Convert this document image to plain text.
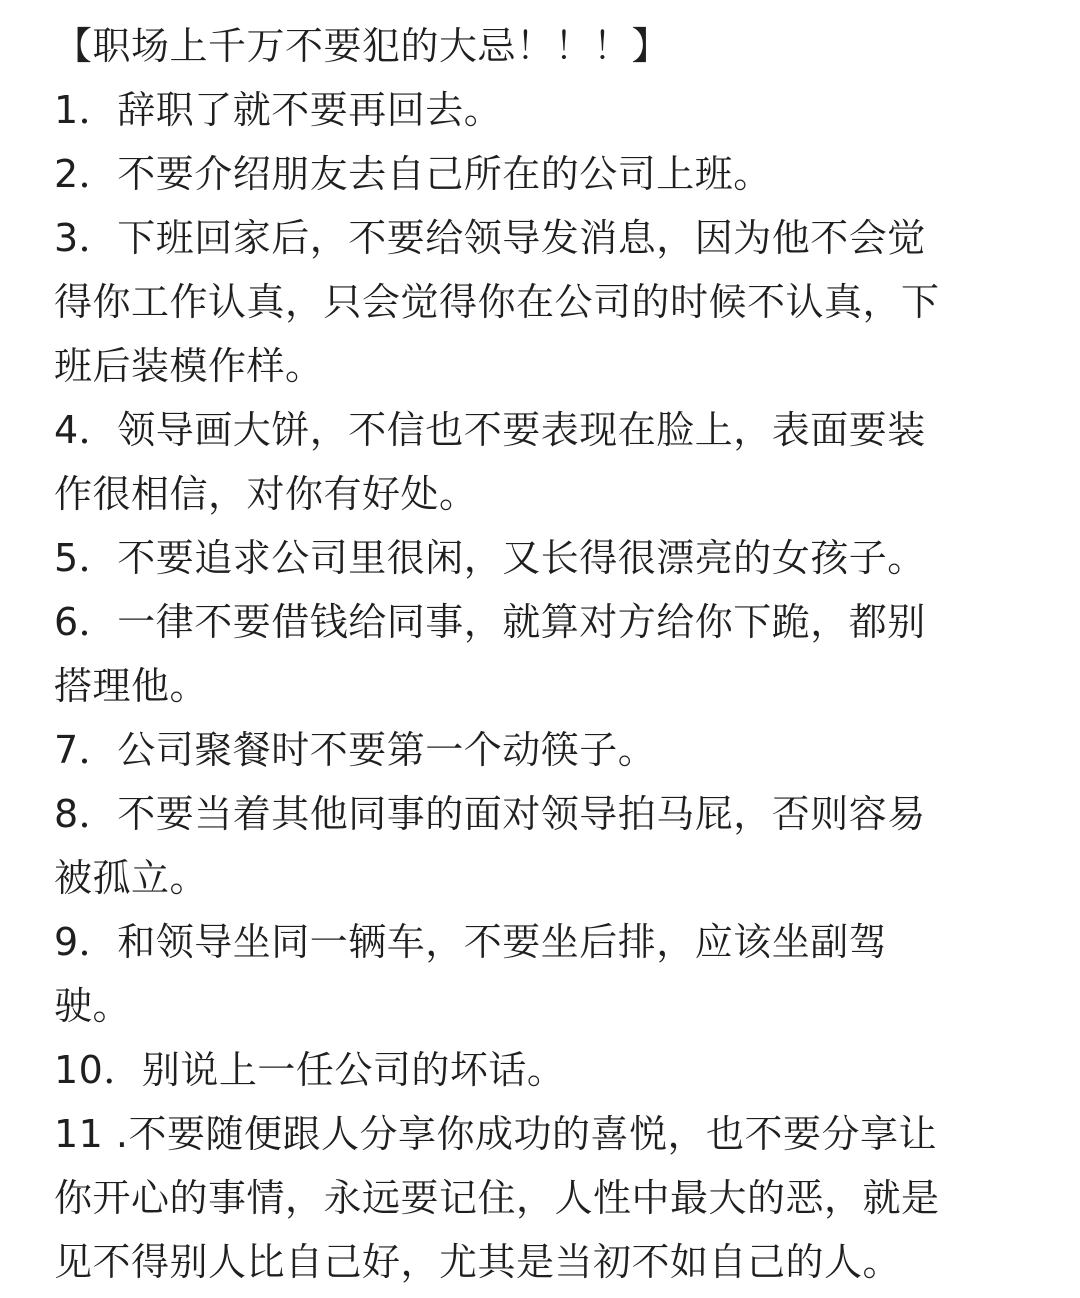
【职场上千万不要犯的大忌！！！】

1．辞职了就不要再回去。

2．不要介绍朋友去自己所在的公司上班。

3．下班回家后，不要给领导发消息，因为他不会觉
得你工作认真，只会觉得你在公司的时候不认真，下
班后装模作样。

4．领导画大饼，不信也不要表现在脸上，表面要装
作很相信，对你有好处。

5．不要追求公司里很闲，又长得很漂亮的女孩子。

6．一律不要借钱给同事，就算对方给你下跪，都别
搭理他。

7．公司聚餐时不要第一个动筷子。

8．不要当着其他同事的面对领导拍马屁，否则容易
被孤立。

9．和领导坐同一辆车，不要坐后排，应该坐副驾
驶。

10．别说上一任公司的坏话。

11 .不要随便跟人分享你成功的喜悦，也不要分享让
你开心的事情，永远要记住，人性中最大的恶，就是
见不得别人比自己好，尤其是当初不如自己的人。
